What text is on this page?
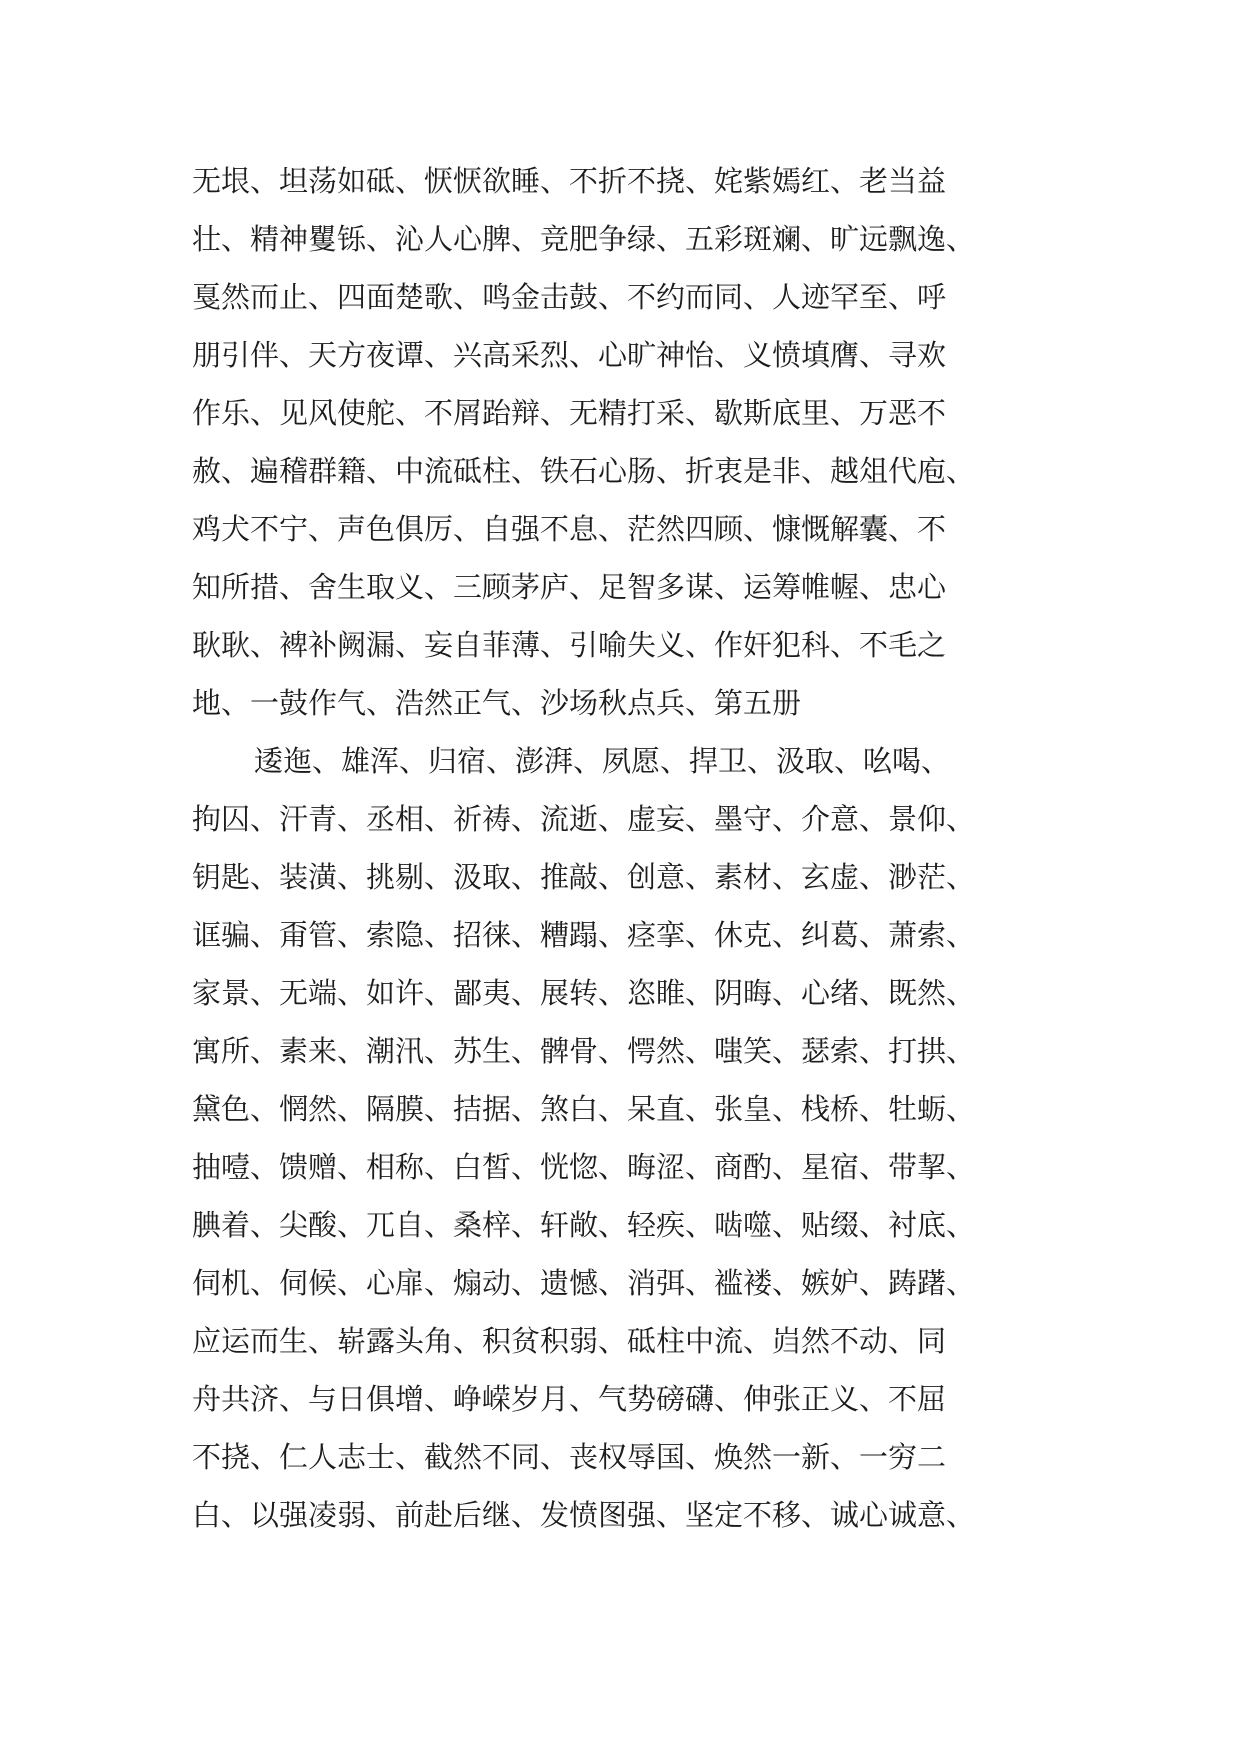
无垠、坦荡如砥、恹恹欲睡、不折不挠、姹紫嫣红、老当益
壮、精神矍铄、沁人心脾、竞肥争绿、五彩斑斓、旷远飘逸、
戛然而止、四面楚歌、鸣金击鼓、不约而同、人迹罕至、呼
朋引伴、天方夜谭、兴高采烈、心旷神怡、义愤填膺、寻欢
作乐、见风使舵、不屑跆辩、无精打采、歇斯底里、万恶不
赦、遍稽群籍、中流砥柱、铁石心肠、折衷是非、越俎代庖、
鸡犬不宁、声色俱厉、自强不息、茫然四顾、慷慨解囊、不
知所措、舍生取义、三顾茅庐、足智多谋、运筹帷幄、忠心
耿耿、裨补阙漏、妄自菲薄、引喻失义、作奸犯科、不毛之
地、一鼓作气、浩然正气、沙场秋点兵、第五册
逶迤、雄浑、归宿、澎湃、夙愿、捍卫、汲取、吆喝、
拘囚、汗青、丞相、祈祷、流逝、虚妄、墨守、介意、景仰、
钥匙、装潢、挑剔、汲取、推敲、创意、素材、玄虚、渺茫、
诓骗、甭管、索隐、招徕、糟蹋、痉挛、休克、纠葛、萧索、
家景、无端、如许、鄙夷、展转、恣睢、阴晦、心绪、既然、
寓所、素来、潮汛、苏生、髀骨、愕然、嗤笑、瑟索、打拱、
黛色、惘然、隔膜、拮据、煞白、呆直、张皇、栈桥、牡蛎、
抽噎、馈赠、相称、白皙、恍惚、晦涩、商酌、星宿、带挈、
腆着、尖酸、兀自、桑梓、轩敞、轻疾、啮噬、贴缀、衬底、
伺机、伺候、心扉、煽动、遗憾、消弭、褴褛、嫉妒、踌躇、
应运而生、崭露头角、积贫积弱、砥柱中流、岿然不动、同
舟共济、与日俱增、峥嵘岁月、气势磅礴、伸张正义、不屈
不挠、仁人志士、截然不同、丧权辱国、焕然一新、一穷二
白、以强凌弱、前赴后继、发愤图强、坚定不移、诚心诚意、
